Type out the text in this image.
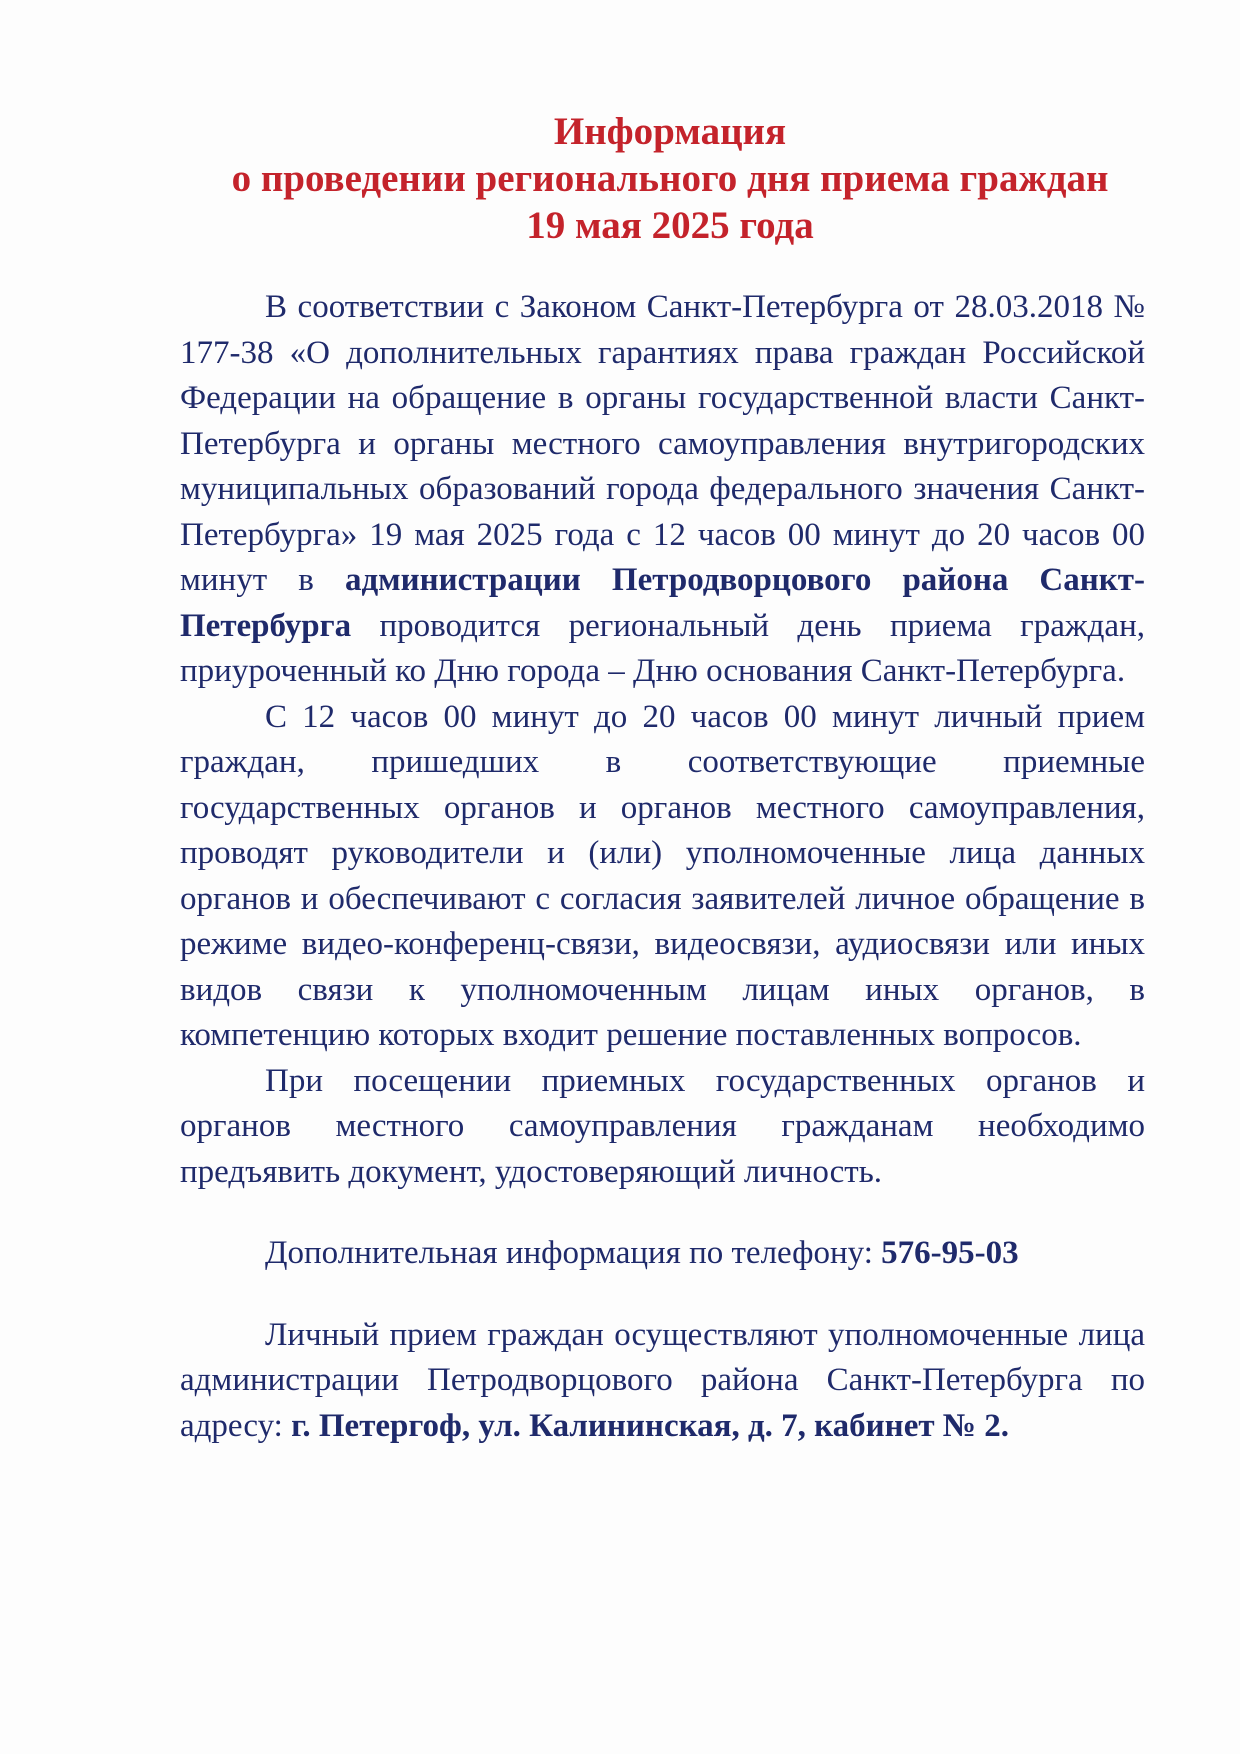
Информация
о проведении регионального дня приема граждан
19 мая 2025 года

В соответствии с Законом Санкт-Петербурга от 28.03.2018 № 177-38 «О дополнительных гарантиях права граждан Российской Федерации на обращение в органы государственной власти Санкт-Петербурга и органы местного самоуправления внутригородских муниципальных образований города федерального значения Санкт-Петербурга» 19 мая 2025 года с 12 часов 00 минут до 20 часов 00 минут в администрации Петродворцового района Санкт-Петербурга проводится региональный день приема граждан, приуроченный ко Дню города – Дню основания Санкт-Петербурга.

С 12 часов 00 минут до 20 часов 00 минут личный прием граждан, пришедших в соответствующие приемные государственных органов и органов местного самоуправления, проводят руководители и (или) уполномоченные лица данных органов и обеспечивают с согласия заявителей личное обращение в режиме видео-конференц-связи, видеосвязи, аудиосвязи или иных видов связи к уполномоченным лицам иных органов, в компетенцию которых входит решение поставленных вопросов.

При посещении приемных государственных органов и органов местного самоуправления гражданам необходимо предъявить документ, удостоверяющий личность.

Дополнительная информация по телефону: 576-95-03

Личный прием граждан осуществляют уполномоченные лица администрации Петродворцового района Санкт-Петербурга по адресу: г. Петергоф, ул. Калининская, д. 7, кабинет № 2.
